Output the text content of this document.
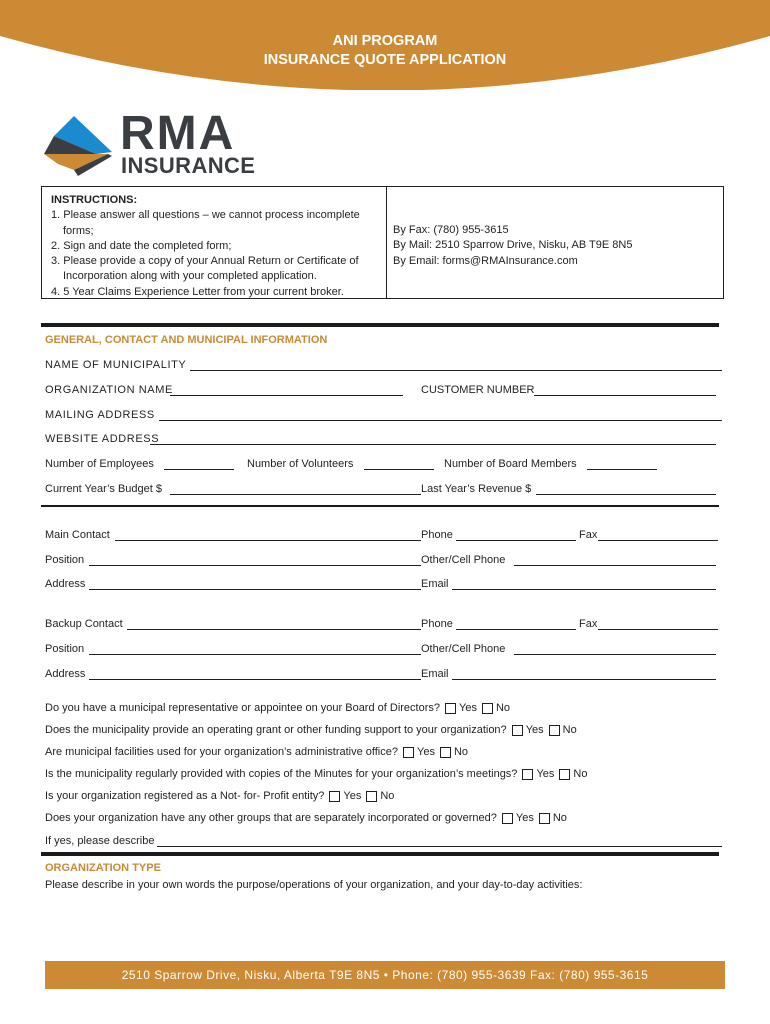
ANI PROGRAM
INSURANCE QUOTE APPLICATION
RMA
INSURANCE
INSTRUCTIONS:
1. Please answer all questions – we cannot process incomplete
forms;
2. Sign and date the completed form;
3. Please provide a copy of your Annual Return or Certificate of
Incorporation along with your completed application.
4. 5 Year Claims Experience Letter from your current broker.
By Fax: (780) 955-3615
By Mail: 2510 Sparrow Drive, Nisku, AB T9E 8N5
By Email: forms@RMAInsurance.com
GENERAL, CONTACT AND MUNICIPAL INFORMATION
NAME OF MUNICIPALITY
ORGANIZATION NAME	CUSTOMER NUMBER
MAILING ADDRESS
WEBSITE ADDRESS
Number of Employees	Number of Volunteers	Number of Board Members
Current Year’s Budget $	Last Year’s Revenue $
Main Contact	Phone	Fax
Position	Other/Cell Phone
Address	Email
Backup Contact	Phone	Fax
Position	Other/Cell Phone
Address	Email
Do you have a municipal representative or appointee on your Board of Directors? Yes No
Does the municipality provide an operating grant or other funding support to your organization? Yes No
Are municipal facilities used for your organization’s administrative office? Yes No
Is the municipality regularly provided with copies of the Minutes for your organization’s meetings? Yes No
Is your organization registered as a Not- for- Profit entity? Yes No
Does your organization have any other groups that are separately incorporated or governed? Yes No
If yes, please describe
ORGANIZATION TYPE
Please describe in your own words the purpose/operations of your organization, and your day-to-day activities:
2510 Sparrow Drive, Nisku, Alberta T9E 8N5 • Phone: (780) 955-3639 Fax: (780) 955-3615
